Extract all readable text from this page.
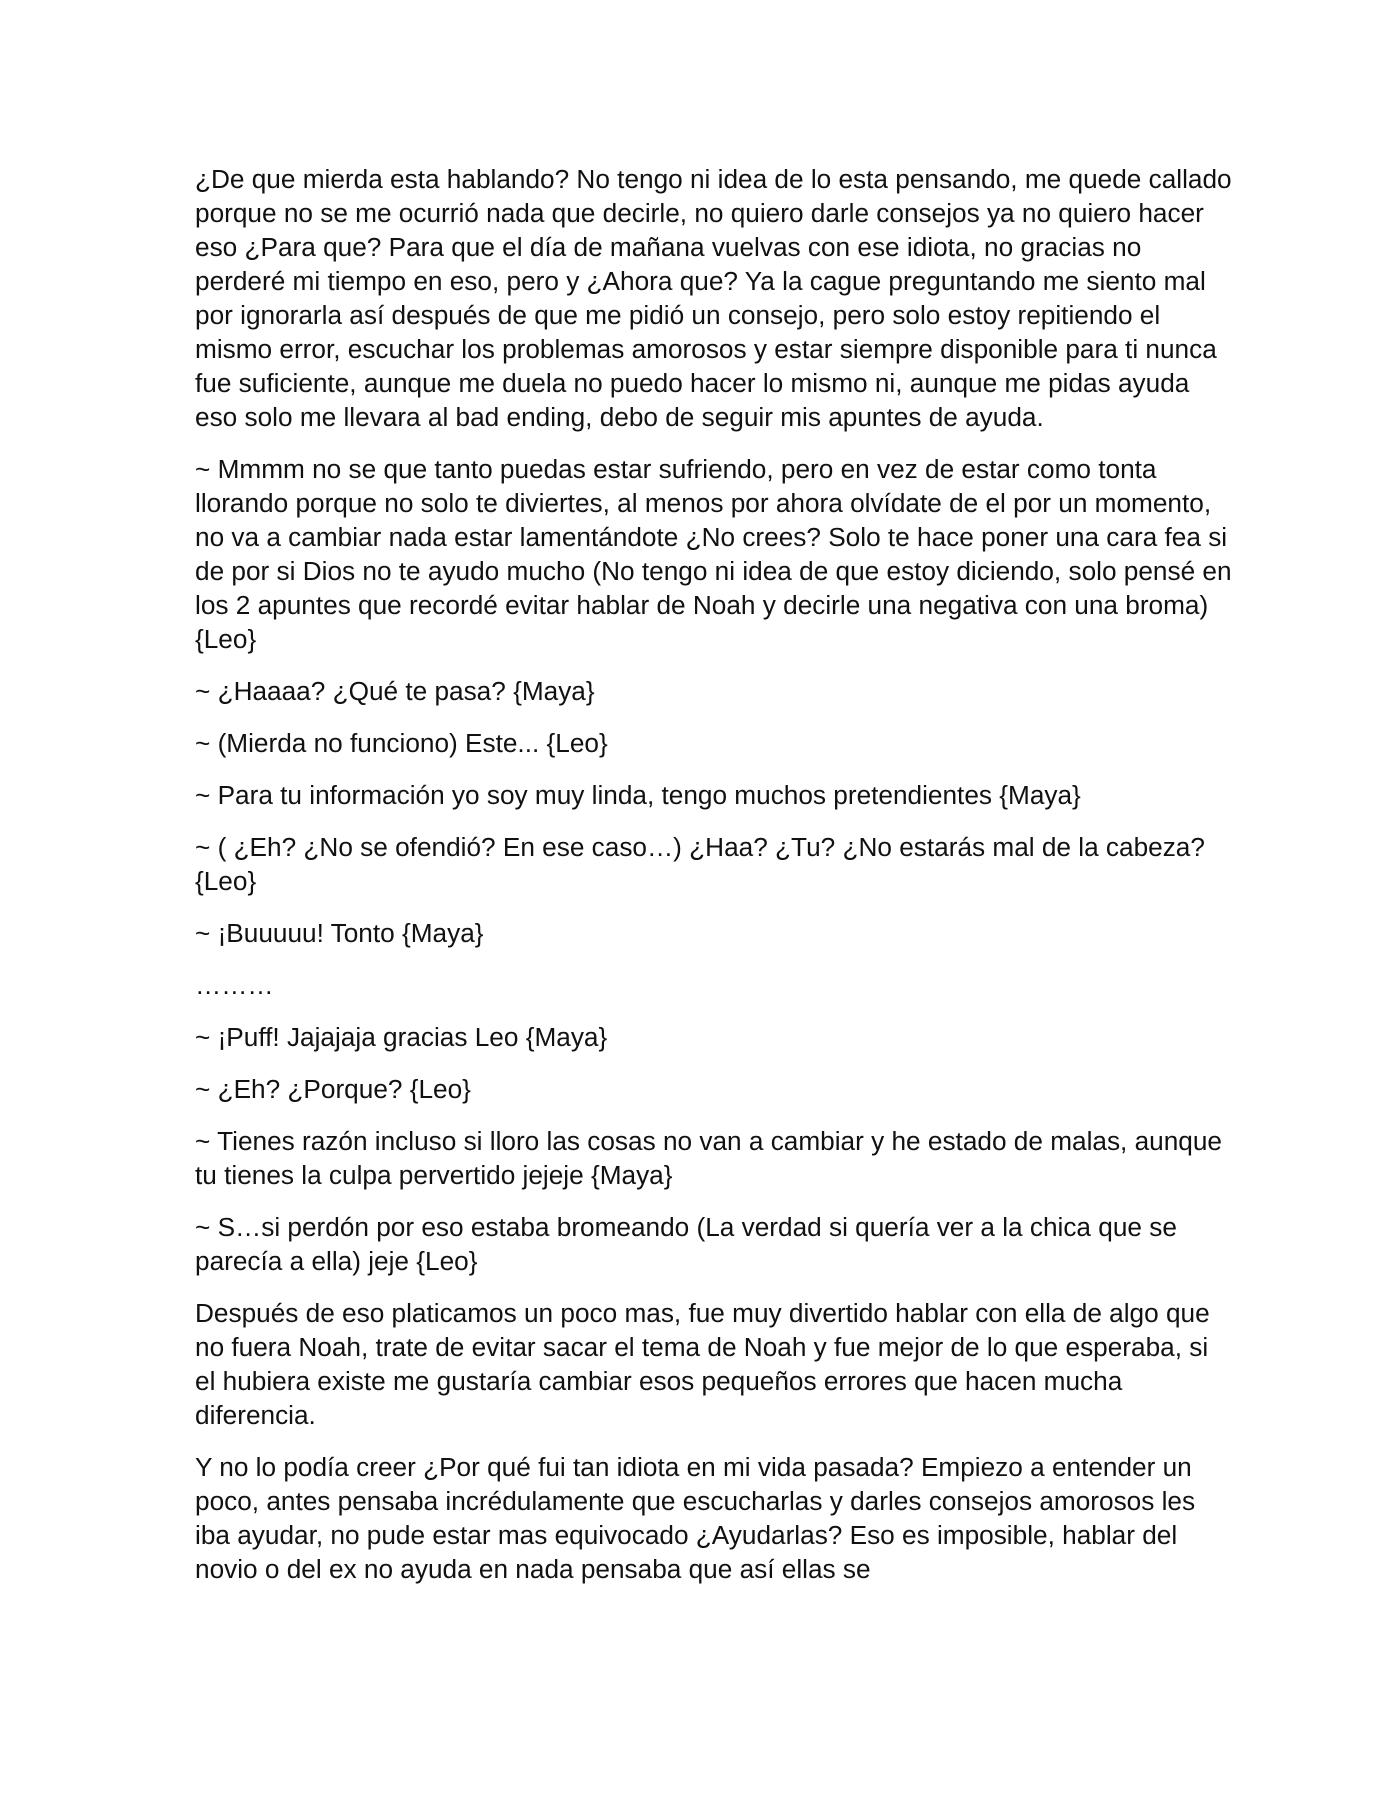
¿De que mierda esta hablando? No tengo ni idea de lo esta pensando, me quede callado porque no se me ocurrió nada que decirle, no quiero darle consejos ya no quiero hacer eso ¿Para que? Para que el día de mañana vuelvas con ese idiota, no gracias no perderé mi tiempo en eso, pero y ¿Ahora que? Ya la cague preguntando me siento mal por ignorarla así después de que me pidió un consejo, pero solo estoy repitiendo el mismo error, escuchar los problemas amorosos y estar siempre disponible para ti nunca fue suficiente, aunque me duela no puedo hacer lo mismo ni, aunque me pidas ayuda eso solo me llevara al bad ending, debo de seguir mis apuntes de ayuda.

~ Mmmm no se que tanto puedas estar sufriendo, pero en vez de estar como tonta llorando porque no solo te diviertes, al menos por ahora olvídate de el por un momento, no va a cambiar nada estar lamentándote ¿No crees? Solo te hace poner una cara fea si de por si Dios no te ayudo mucho (No tengo ni idea de que estoy diciendo, solo pensé en los 2 apuntes que recordé evitar hablar de Noah y decirle una negativa con una broma) {Leo}

~ ¿Haaaa? ¿Qué te pasa? {Maya}

~ (Mierda no funciono) Este... {Leo}

~ Para tu información yo soy muy linda, tengo muchos pretendientes {Maya}

~ ( ¿Eh? ¿No se ofendió? En ese caso…) ¿Haa? ¿Tu? ¿No estarás mal de la cabeza? {Leo}

~ ¡Buuuuu! Tonto {Maya}

………

~ ¡Puff! Jajajaja gracias Leo {Maya}

~ ¿Eh? ¿Porque? {Leo}

~ Tienes razón incluso si lloro las cosas no van a cambiar y he estado de malas, aunque tu tienes la culpa pervertido jejeje {Maya}

~ S…si perdón por eso estaba bromeando (La verdad si quería ver a la chica que se parecía a ella) jeje {Leo}

Después de eso platicamos un poco mas, fue muy divertido hablar con ella de algo que no fuera Noah, trate de evitar sacar el tema de Noah y fue mejor de lo que esperaba, si el hubiera existe me gustaría cambiar esos pequeños errores que hacen mucha diferencia.

Y no lo podía creer ¿Por qué fui tan idiota en mi vida pasada? Empiezo a entender un poco, antes pensaba incrédulamente que escucharlas y darles consejos amorosos les iba ayudar, no pude estar mas equivocado ¿Ayudarlas? Eso es imposible, hablar del novio o del ex no ayuda en nada pensaba que así ellas se
